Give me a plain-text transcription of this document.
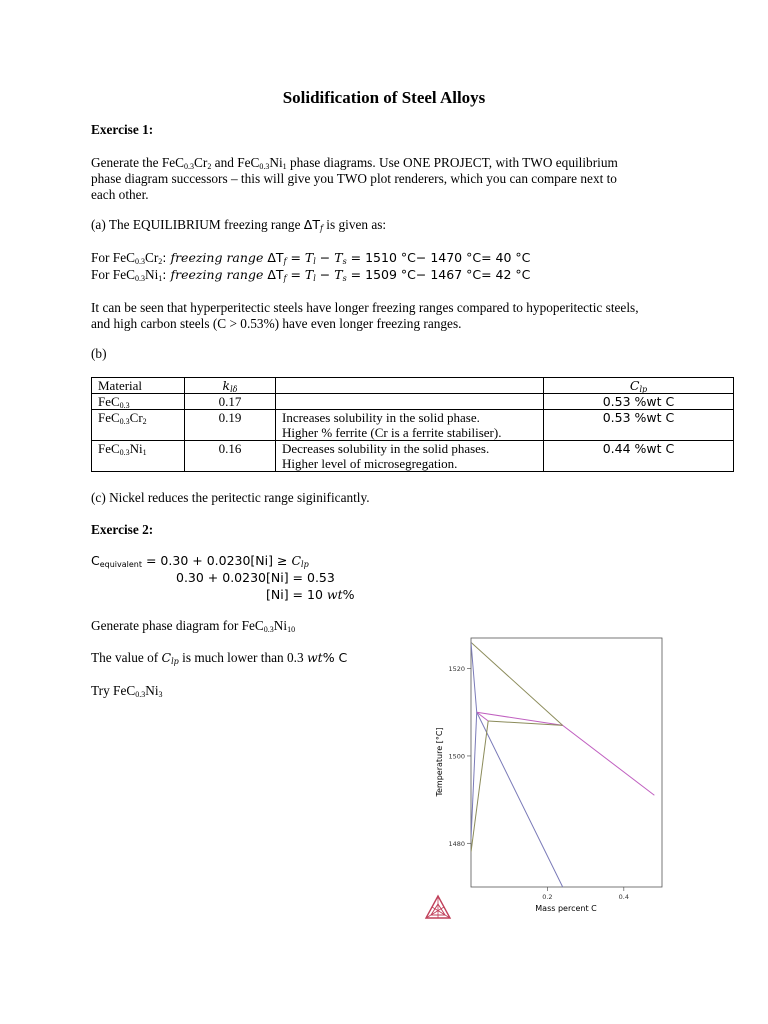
Solidification of Steel Alloys
Exercise 1:
Generate the $FeC_{0.3}Cr_2$ and $FeC_{0.3}Ni_1$ phase diagrams. Use ONE PROJECT, with TWO equilibrium
phase diagram successors – this will give you TWO plot renderers, which you can compare next to
each other.
(a) The EQUILIBRIUM freezing range $\Delta T_f$ is given as:
For $FeC_{0.3}Cr_2$: freezing range $\Delta T_f = T_l - T_s = 1510$ °C− 1470 °C= 40 °C
For $FeC_{0.3}Ni_1$: freezing range $\Delta T_f = T_l - T_s = 1509$ °C− 1467 °C= 42 °C
It can be seen that hyperperitectic steels have longer freezing ranges compared to hypoperitectic steels,
and high carbon steels (C > 0.53%) have even longer freezing ranges.
(b)
Material	$k_{l\delta}$		$C_{lp}$
FeC$_{0.3}$	0.17		0.53 %wt C
$FeC_{0.3}Cr_2$	0.19	Increases solubility in the solid phase.
Higher % ferrite (Cr is a ferrite stabiliser).	0.53 %wt C
$FeC_{0.3}Ni_1$	0.16	Decreases solubility in the solid phases.
Higher level of microsegregation.	0.44 %wt C
(c) Nickel reduces the peritectic range siginificantly.
Exercise 2:
$C_{equivalent} = 0.30 + 0.0230[Ni] \ge C_{lp}$
0.30 + 0.0230[Ni] = 0.53
[Ni] = 10 wt%
Generate phase diagram for $FeC_{0.3}Ni_{10}$
The value of $C_{lp}$ is much lower than 0.3 wt% C
Try $FeC_{0.3}Ni_3$
1480
1500
1520
0.2	0.4
Temperature [°C]
Mass percent C
